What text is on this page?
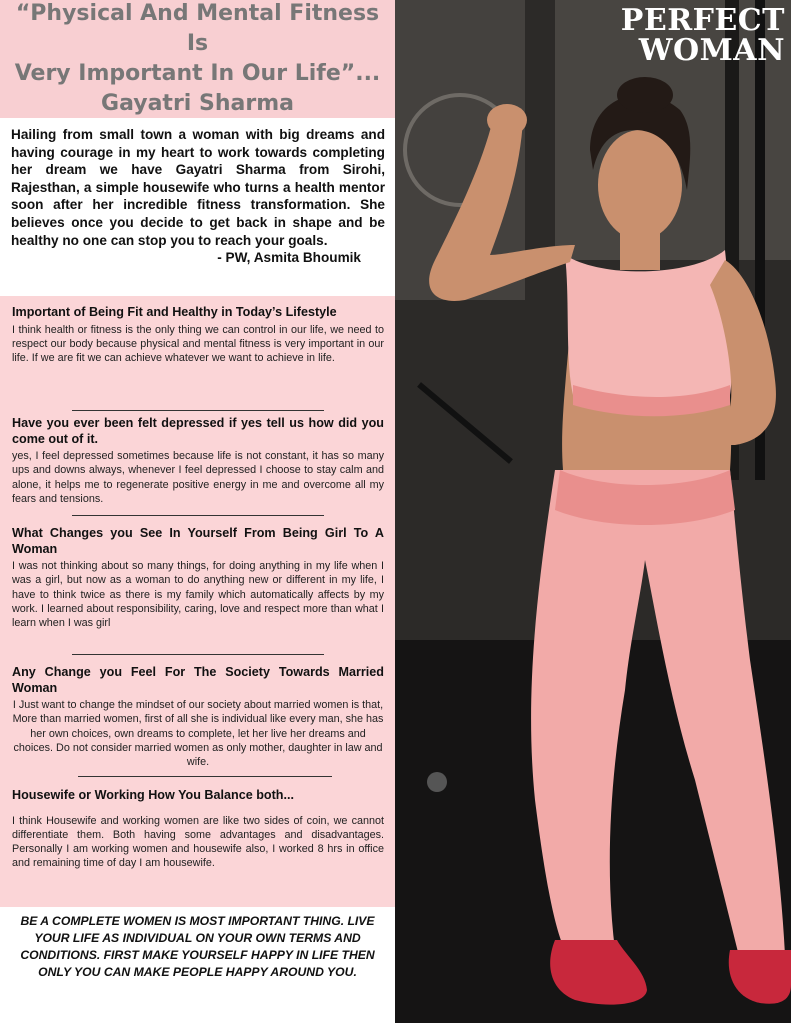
“Physical And Mental Fitness Is
Very Important In Our Life”...
Gayatri Sharma
Hailing from small town a woman with big dreams and having courage in my heart to work towards completing her dream we have Gayatri Sharma from Sirohi, Rajesthan, a simple housewife who turns a health mentor soon after her incredible fitness transformation. She believes once you decide to get back in shape and be healthy no one can stop you to reach your goals.
- PW, Asmita Bhoumik
Important of Being Fit and Healthy in Today’s Lifestyle

I think health or fitness is the only thing we can control in our life, we need to respect our body because physical and mental fitness is very important in our life. If we are fit we can achieve whatever we want to achieve in life.

Have you ever been felt depressed if yes tell us how did you come out of it.

yes, I feel depressed sometimes because life is not constant, it has so many ups and downs always, whenever I feel depressed I choose to stay calm and alone, it helps me to regenerate positive energy in me and overcome all my fears and tensions.

What Changes you See In Yourself From Being Girl To A Woman

I was not thinking about so many things, for doing anything in my life when I was a girl, but now as a woman to do anything new or different in my life, I have to think twice as there is my family which automatically affects by my work. I learned about responsibility, caring, love and respect more than what I learn when I was girl

Any Change you Feel For The Society Towards Married Woman

I Just want to change the mindset of our society about married women is that, More than married women, first of all she is individual like every man, she has her own choices, own dreams to complete, let her live her dreams and choices. Do not consider married women as only mother, daughter in law and wife.

Housewife or Working How You Balance both...

I think Housewife and working women are like two sides of coin, we cannot differentiate them. Both having some advantages and disadvantages. Personally I am working women and housewife also, I worked 8 hrs in office and remaining time of day I am housewife.

BE A COMPLETE WOMEN IS MOST IMPORTANT THING. LIVE YOUR LIFE AS INDIVIDUAL ON YOUR OWN TERMS AND CONDITIONS. FIRST MAKE YOURSELF HAPPY IN LIFE THEN ONLY YOU CAN MAKE PEOPLE HAPPY AROUND YOU.

PERFECT
WOMAN
